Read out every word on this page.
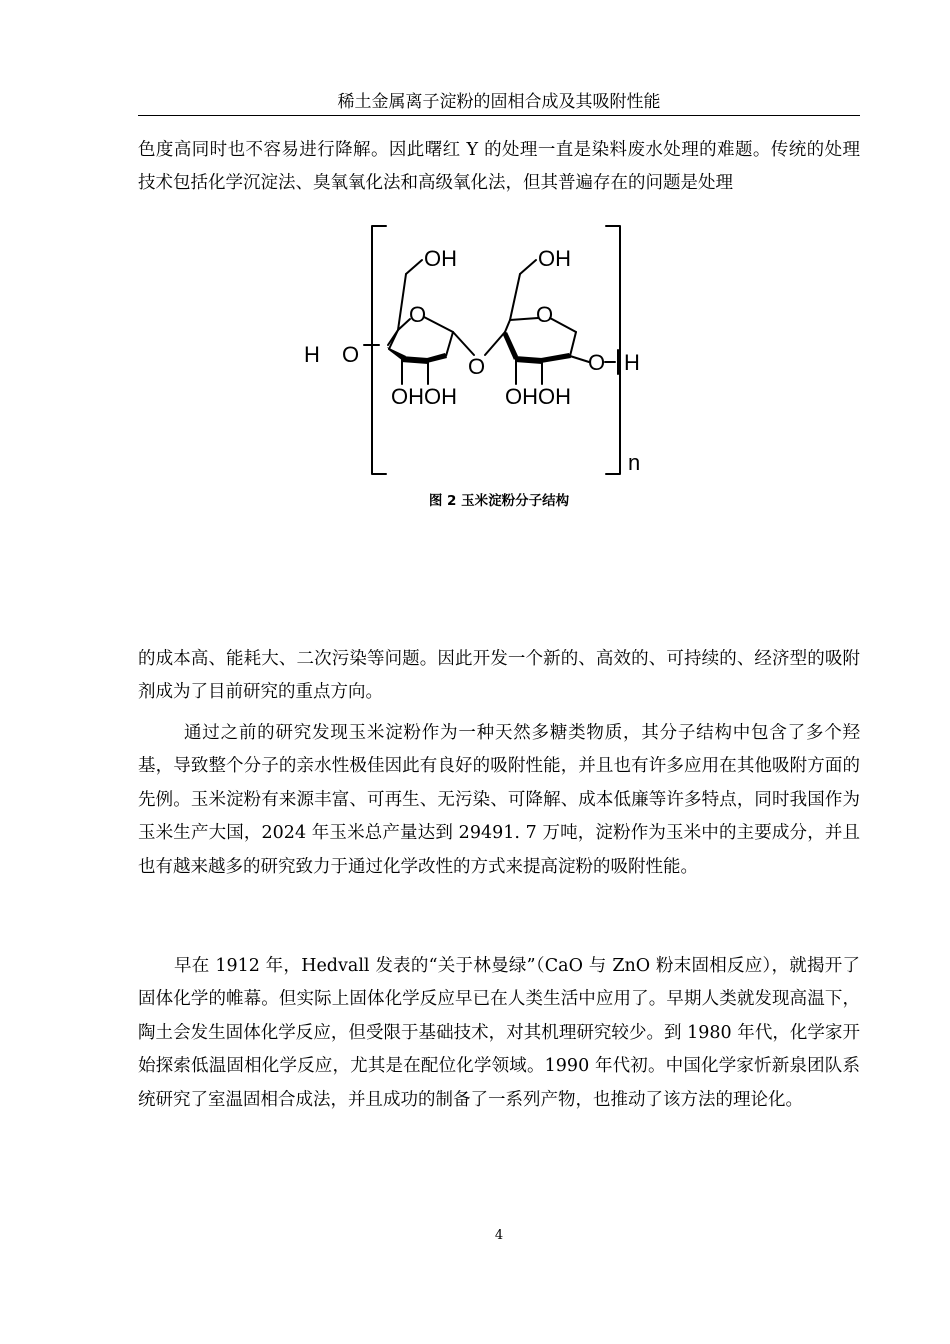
稀土金属离子淀粉的固相合成及其吸附性能

色度高同时也不容易进行降解。因此曙红 Y 的处理一直是染料废水处理的难题。传统的处理技术包括化学沉淀法、臭氧氧化法和高级氧化法，但其普遍存在的问题是处理

OH	OH
O	O
O
H O	O H
OHOH OHOH
n
图 2 玉米淀粉分子结构

的成本高、能耗大、二次污染等问题。因此开发一个新的、高效的、可持续的、经济型的吸附剂成为了目前研究的重点方向。

通过之前的研究发现玉米淀粉作为一种天然多糖类物质，其分子结构中包含了多个羟基，导致整个分子的亲水性极佳因此有良好的吸附性能，并且也有许多应用在其他吸附方面的先例。玉米淀粉有来源丰富、可再生、无污染、可降解、成本低廉等许多特点，同时我国作为玉米生产大国，2024 年玉米总产量达到 29491. 7 万吨，淀粉作为玉米中的主要成分，并且也有越来越多的研究致力于通过化学改性的方式来提高淀粉的吸附性能。

早在 1912 年，Hedvall 发表的“关于林曼绿”（CaO 与 ZnO 粉末固相反应），就揭开了固体化学的帷幕。但实际上固体化学反应早已在人类生活中应用了。早期人类就发现高温下，陶土会发生固体化学反应，但受限于基础技术，对其机理研究较少。到 1980 年代，化学家开始探索低温固相化学反应，尤其是在配位化学领域。1990 年代初。中国化学家忻新泉团队系统研究了室温固相合成法，并且成功的制备了一系列产物，也推动了该方法的理论化。

4
